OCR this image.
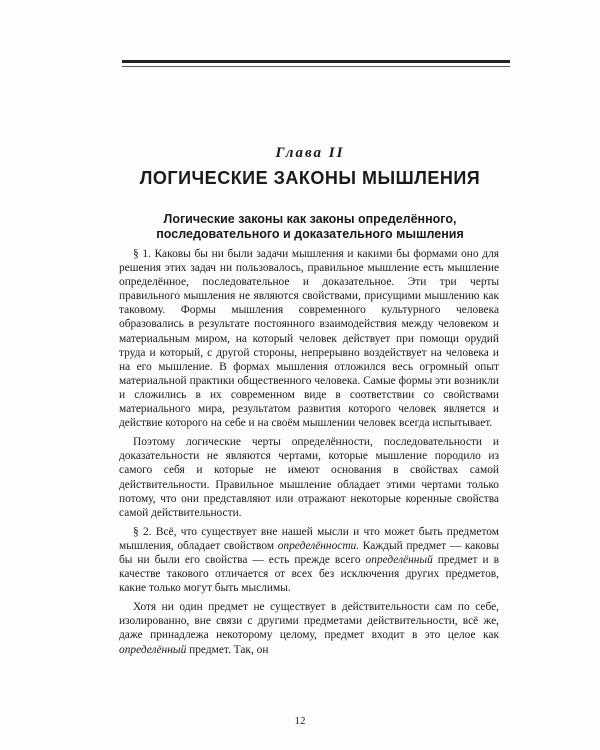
Глава II
ЛОГИЧЕСКИЕ ЗАКОНЫ МЫШЛЕНИЯ
Логические законы как законы определённого,
последовательного и доказательного мышления

§ 1. Каковы бы ни были задачи мышления и какими бы формами оно для решения этих задач ни пользовалось, правильное мышление есть мышление определённое, последовательное и доказательное. Эти три черты правильного мышления не являются свойствами, присущими мышлению как таковому. Формы мышления современного культурного человека образовались в результате постоянного взаимодействия между человеком и материальным миром, на который человек действует при помощи орудий труда и который, с другой стороны, непрерывно воздействует на человека и на его мышление. В формах мышления отложился весь огромный опыт материальной практики общественного человека. Самые формы эти возникли и сложились в их современном виде в соответствии со свойствами материального мира, результатом развития которого человек является и действие которого на себе и на своём мышлении человек всегда испытывает.

Поэтому логические черты определённости, последовательности и доказательности не являются чертами, которые мышление породило из самого себя и которые не имеют основания в свойствах самой действительности. Правильное мышление обладает этими чертами только потому, что они представляют или отражают некоторые коренные свойства самой действительности.

§ 2. Всё, что существует вне нашей мысли и что может быть предметом мышления, обладает свойством определённости. Каждый предмет — каковы бы ни были его свойства — есть прежде всего определённый предмет и в качестве такового отличается от всех без исключения других предметов, какие только могут быть мыслимы.

Хотя ни один предмет не существует в действительности сам по себе, изолированно, вне связи с другими предметами действительности, всё же, даже принадлежа некоторому целому, предмет входит в это целое как определённый предмет. Так, он

12
